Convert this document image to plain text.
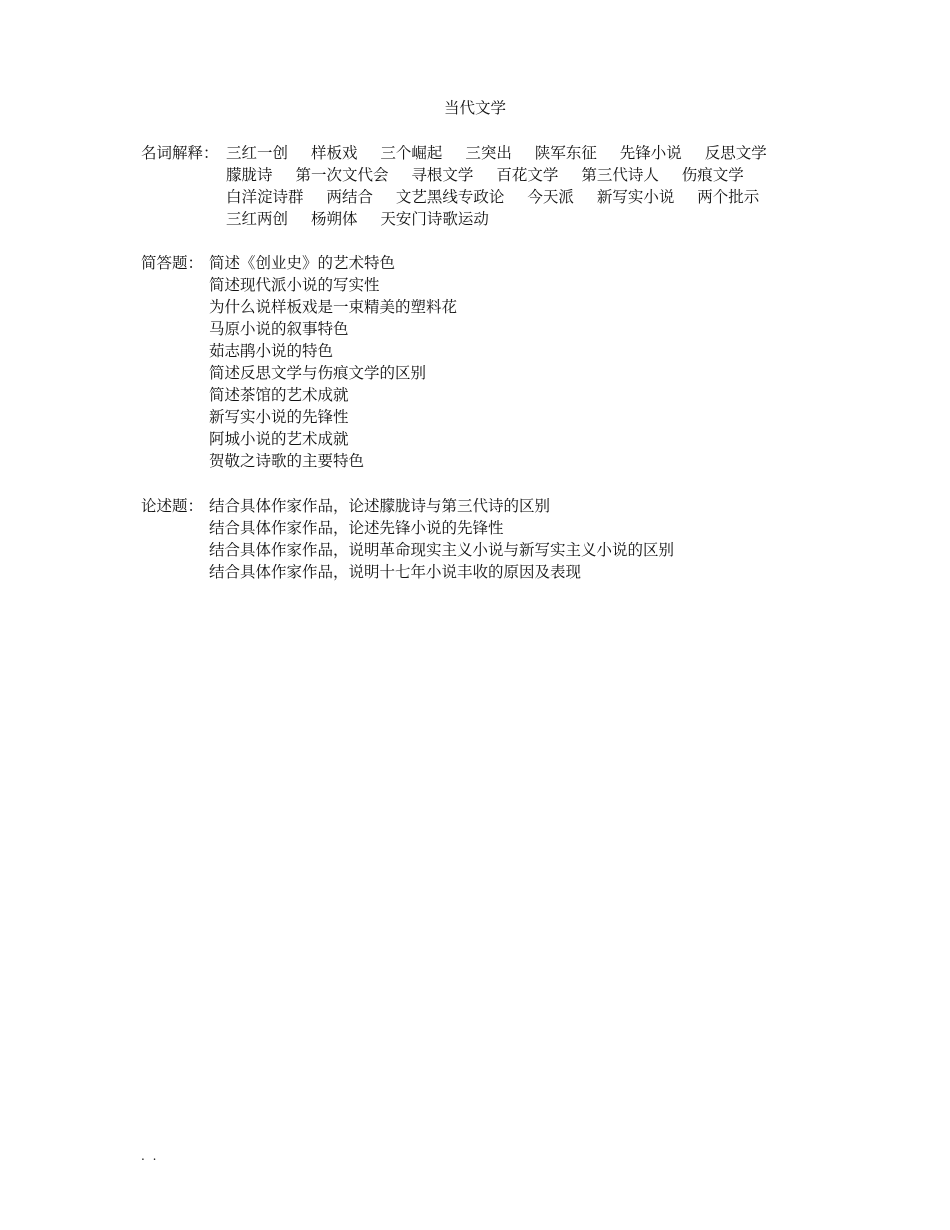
当代文学
名词解释： 三红一创 样板戏 三个崛起 三突出 陕军东征 先锋小说 反思文学
朦胧诗 第一次文代会 寻根文学 百花文学 第三代诗人 伤痕文学
白洋淀诗群 两结合 文艺黑线专政论 今天派 新写实小说 两个批示
三红两创 杨朔体 天安门诗歌运动
简答题： 简述《创业史》的艺术特色
简述现代派小说的写实性
为什么说样板戏是一束精美的塑料花
马原小说的叙事特色
茹志鹃小说的特色
简述反思文学与伤痕文学的区别
简述茶馆的艺术成就
新写实小说的先锋性
阿城小说的艺术成就
贺敬之诗歌的主要特色
论述题： 结合具体作家作品，论述朦胧诗与第三代诗的区别
结合具体作家作品，论述先锋小说的先锋性
结合具体作家作品，说明革命现实主义小说与新写实主义小说的区别
结合具体作家作品，说明十七年小说丰收的原因及表现
. .
